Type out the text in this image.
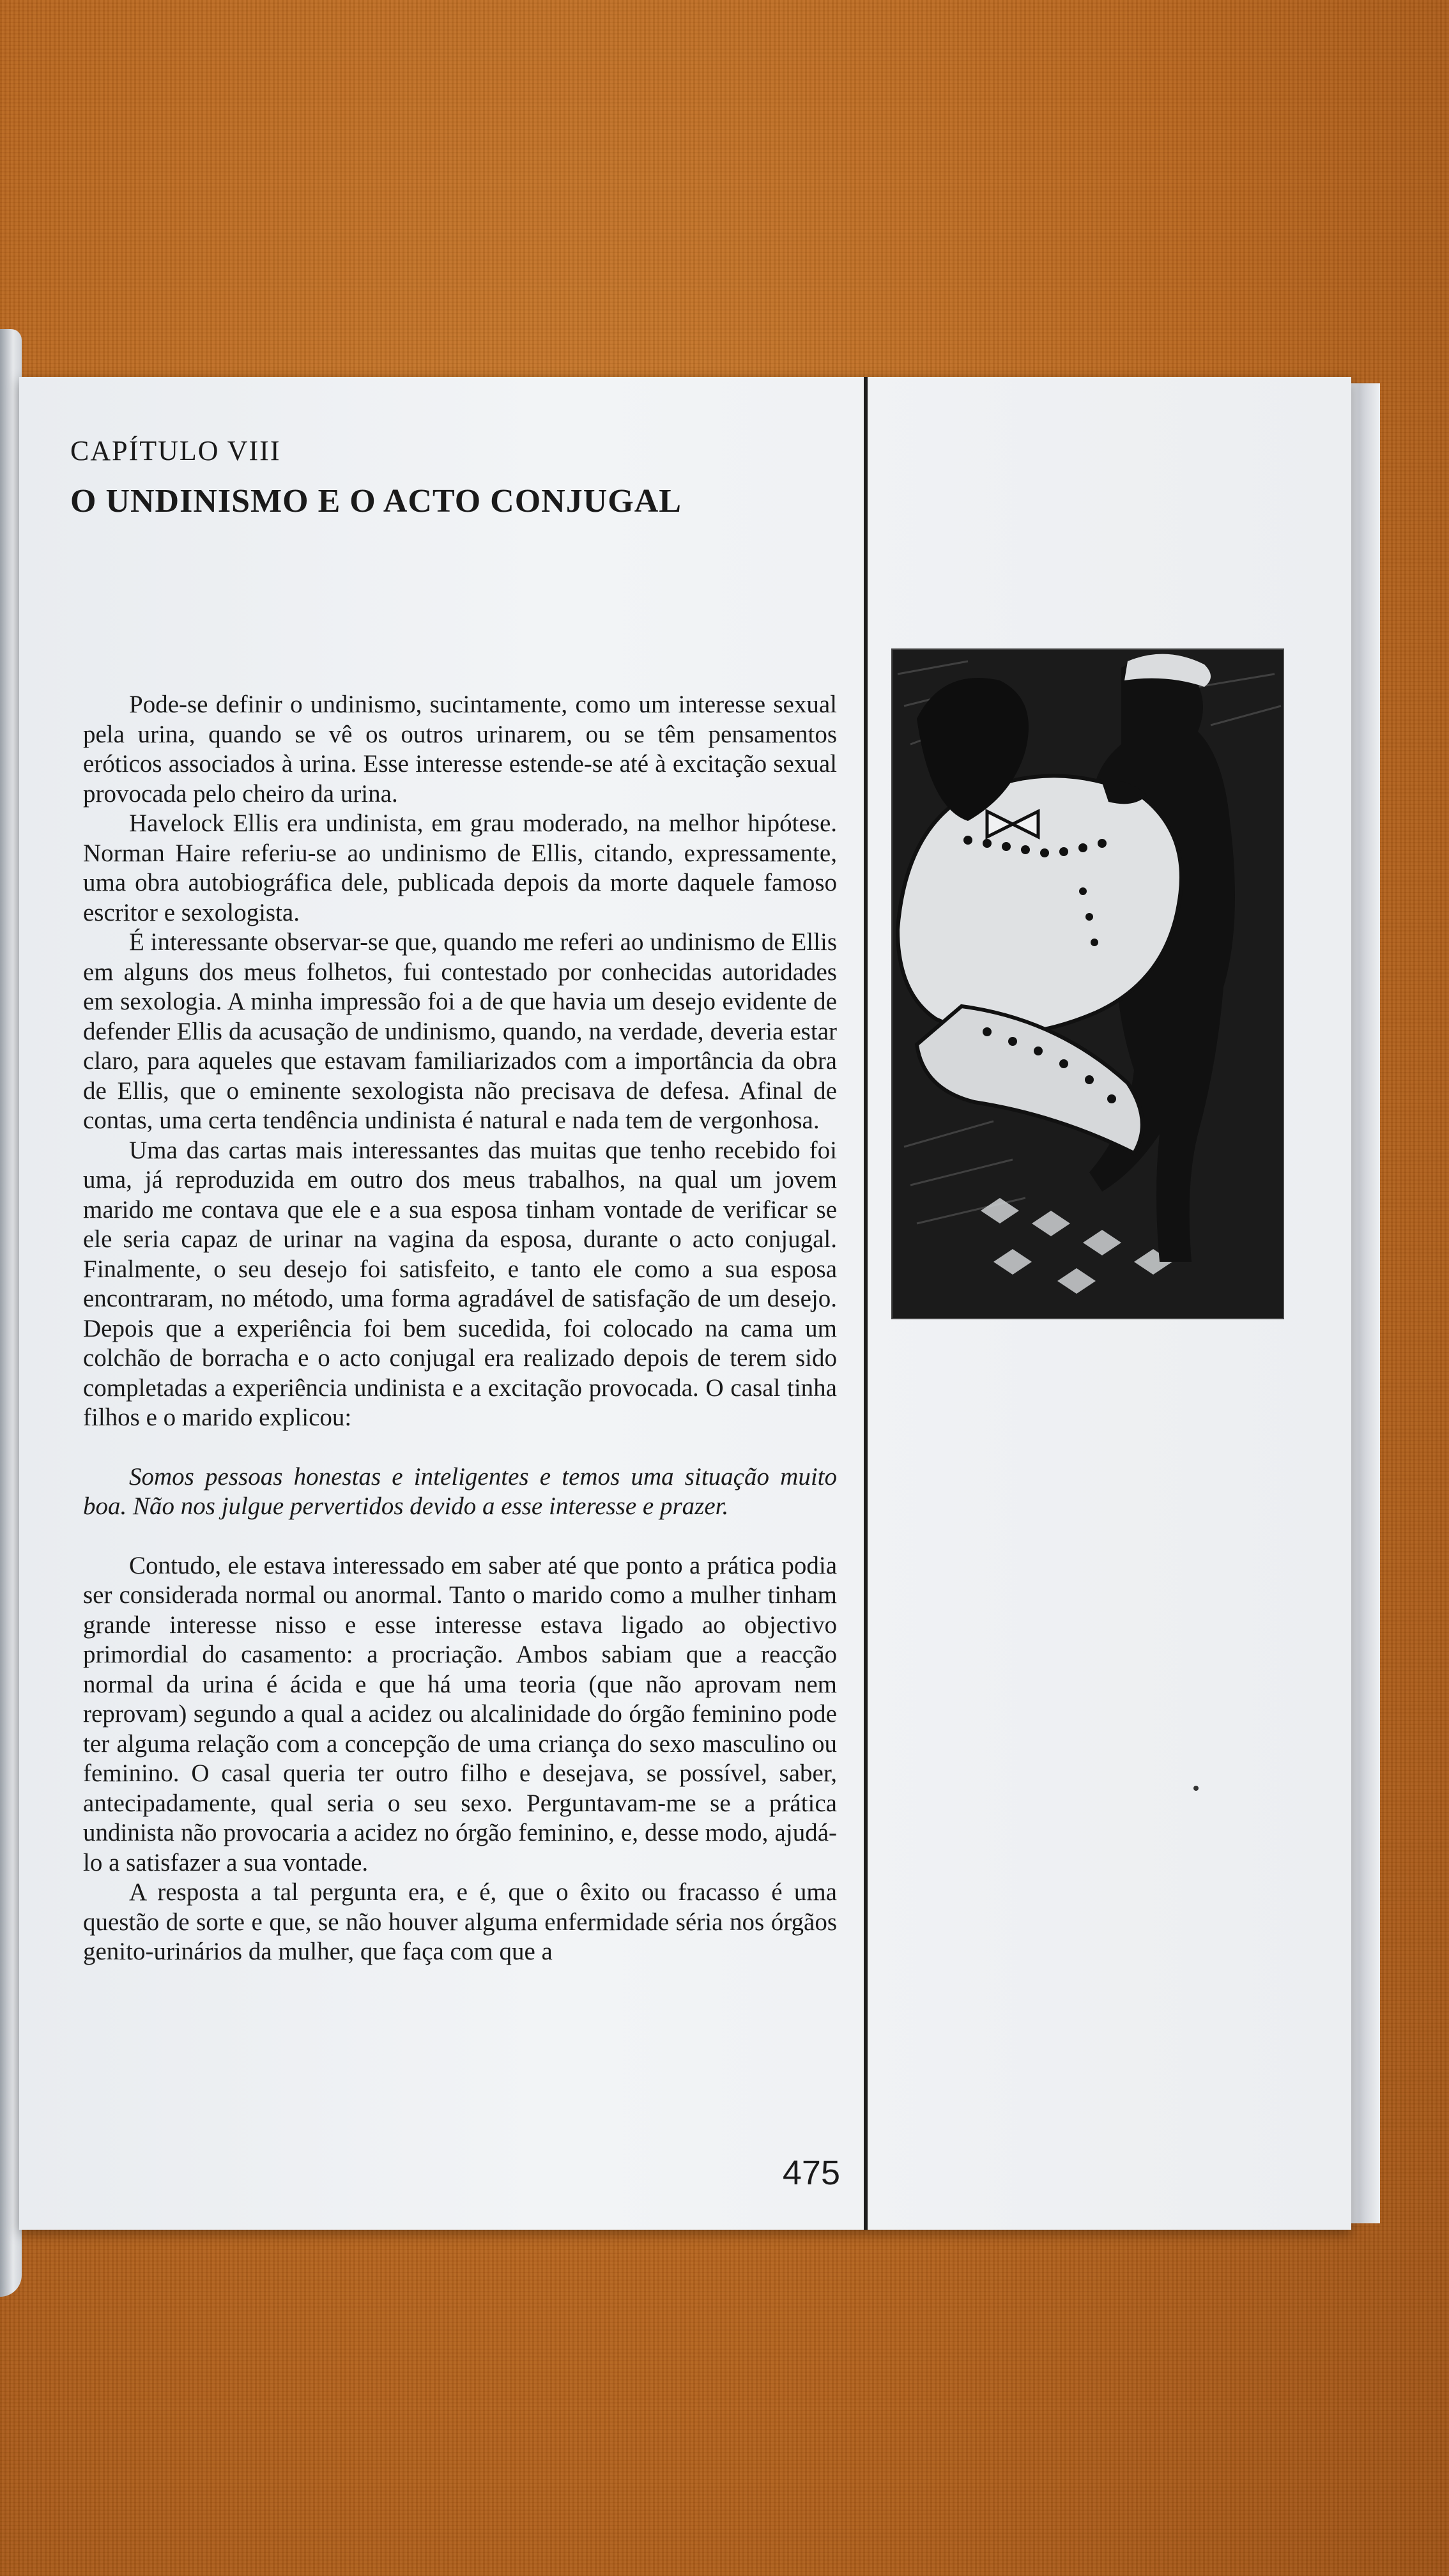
CAPÍTULO VIII
O UNDINISMO E O ACTO CONJUGAL

Pode-se definir o undinismo, sucintamente, como um interesse sexual pela urina, quando se vê os outros urinarem, ou se têm pensamentos eróticos associados à urina. Esse interesse estende-se até à excitação sexual provocada pelo cheiro da urina.

Havelock Ellis era undinista, em grau moderado, na melhor hipótese. Norman Haire referiu-se ao undinismo de Ellis, citando, expressamente, uma obra autobiográfica dele, publicada depois da morte daquele famoso escritor e sexologista.

É interessante observar-se que, quando me referi ao undinismo de Ellis em alguns dos meus folhetos, fui contestado por conhecidas autoridades em sexologia. A minha impressão foi a de que havia um desejo evidente de defender Ellis da acusação de undinismo, quando, na verdade, deveria estar claro, para aqueles que estavam familiarizados com a importância da obra de Ellis, que o eminente sexologista não precisava de defesa. Afinal de contas, uma certa tendência undinista é natural e nada tem de vergonhosa.

Uma das cartas mais interessantes das muitas que tenho recebido foi uma, já reproduzida em outro dos meus trabalhos, na qual um jovem marido me contava que ele e a sua esposa tinham vontade de verificar se ele seria capaz de urinar na vagina da esposa, durante o acto conjugal. Finalmente, o seu desejo foi satisfeito, e tanto ele como a sua esposa encontraram, no método, uma forma agradável de satisfação de um desejo. Depois que a experiência foi bem sucedida, foi colocado na cama um colchão de borracha e o acto conjugal era realizado depois de terem sido completadas a experiência undinista e a excitação provocada. O casal tinha filhos e o marido explicou:

Somos pessoas honestas e inteligentes e temos uma situação muito boa. Não nos julgue pervertidos devido a esse interesse e prazer.

Contudo, ele estava interessado em saber até que ponto a prática podia ser considerada normal ou anormal. Tanto o marido como a mulher tinham grande interesse nisso e esse interesse estava ligado ao objectivo primordial do casamento: a procriação. Ambos sabiam que a reacção normal da urina é ácida e que há uma teoria (que não aprovam nem reprovam) segundo a qual a acidez ou alcalinidade do órgão feminino pode ter alguma relação com a concepção de uma criança do sexo masculino ou feminino. O casal queria ter outro filho e desejava, se possível, saber, antecipadamente, qual seria o seu sexo. Perguntavam-me se a prática undinista não provocaria a acidez no órgão feminino, e, desse modo, ajudá-lo a satisfazer a sua vontade.

A resposta a tal pergunta era, e é, que o êxito ou fracasso é uma questão de sorte e que, se não houver alguma enfermidade séria nos órgãos genito-urinários da mulher, que faça com que a

475
